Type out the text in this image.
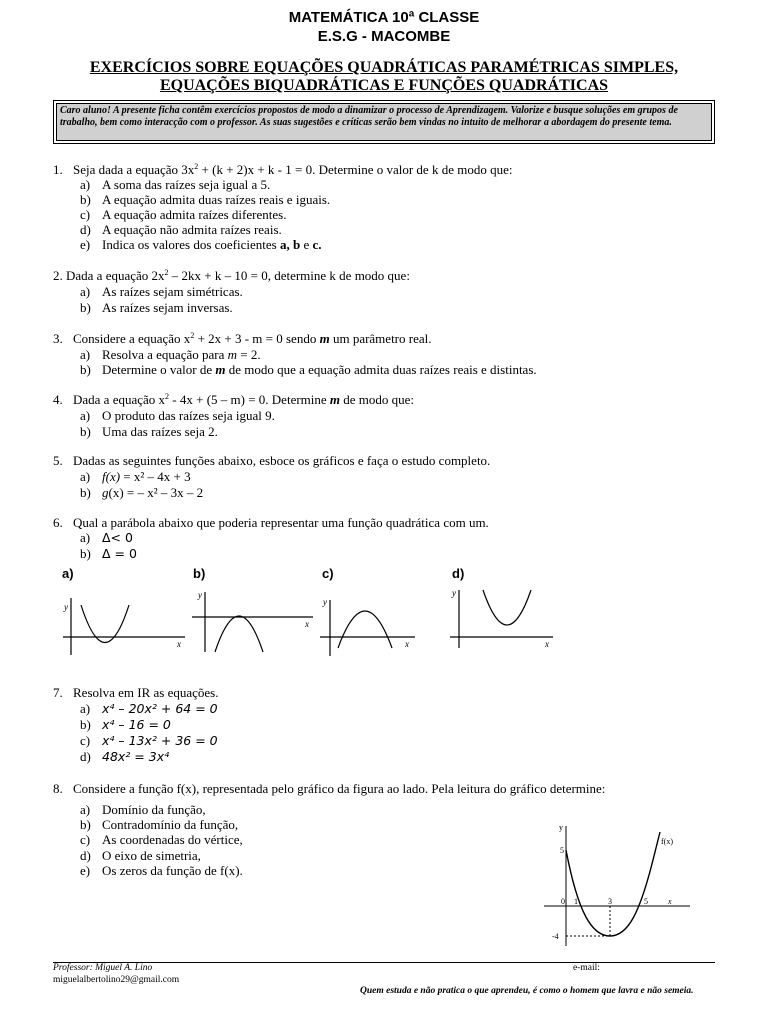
MATEMÁTICA 10ª CLASSE
E.S.G - MACOMBE
EXERCÍCIOS SOBRE EQUAÇÕES QUADRÁTICAS PARAMÉTRICAS SIMPLES,
EQUAÇÕES BIQUADRÁTICAS E FUNÇÕES QUADRÁTICAS
Caro aluno! A presente ficha contêm exercícios propostos de modo a dinamizar o processo de Aprendizagem. Valorize e busque soluções em grupos de trabalho, bem como interacção com o professor. As suas sugestões e críticas serão bem vindas no intuito de melhorar a abordagem do presente tema.
1. Seja dada a equação $3x^2 + (k + 2)x + k - 1 = 0$. Determine o valor de k de modo que:
a) A soma das raízes seja igual a 5.
b) A equação admita duas raízes reais e iguais.
c) A equação admita raízes diferentes.
d) A equação não admita raízes reais.
e) Indica os valores dos coeficientes a, b e c.
2. Dada a equação $2x^2 - 2kx + k - 10 = 0$, determine k de modo que:
a) As raízes sejam simétricas.
b) As raízes sejam inversas.
3. Considere a equação $x^2 + 2x + 3 - m = 0$ sendo m um parâmetro real.
a) Resolva a equação para m = 2.
b) Determine o valor de m de modo que a equação admita duas raízes reais e distintas.
4. Dada a equação $x^2 - 4x + (5 - m) = 0$. Determine m de modo que:
a) O produto das raízes seja igual 9.
b) Uma das raízes seja 2.
5. Dadas as seguintes funções abaixo, esboce os gráficos e faça o estudo completo.
a) f(x) = x² – 4x + 3
b) g(x) = – x² – 3x – 2
6. Qual a parábola abaixo que poderia representar uma função quadrática com um.
a) Δ< 0
b) Δ = 0
a)	b)	c)	d)
y
x
y
x
y
x
y
x
7. Resolva em IR as equações.
a) x⁴ – 20x² + 64 = 0
b) x⁴ – 16 = 0
c) x⁴ – 13x² + 36 = 0
d) 48x² = 3x⁴
8. Considere a função f(x), representada pelo gráfico da figura ao lado. Pela leitura do gráfico determine:
a) Domínio da função,
b) Contradomínio da função,
c) As coordenadas do vértice,
d) O eixo de simetria,
e) Os zeros da função de f(x).
y
f(x)
5
0 1	3	5	x
-4
Professor: Miguel A. Lino	e-mail:
miguelalbertolino29@gmail.com
Quem estuda e não pratica o que aprendeu, é como o homem que lavra e não semeia.
